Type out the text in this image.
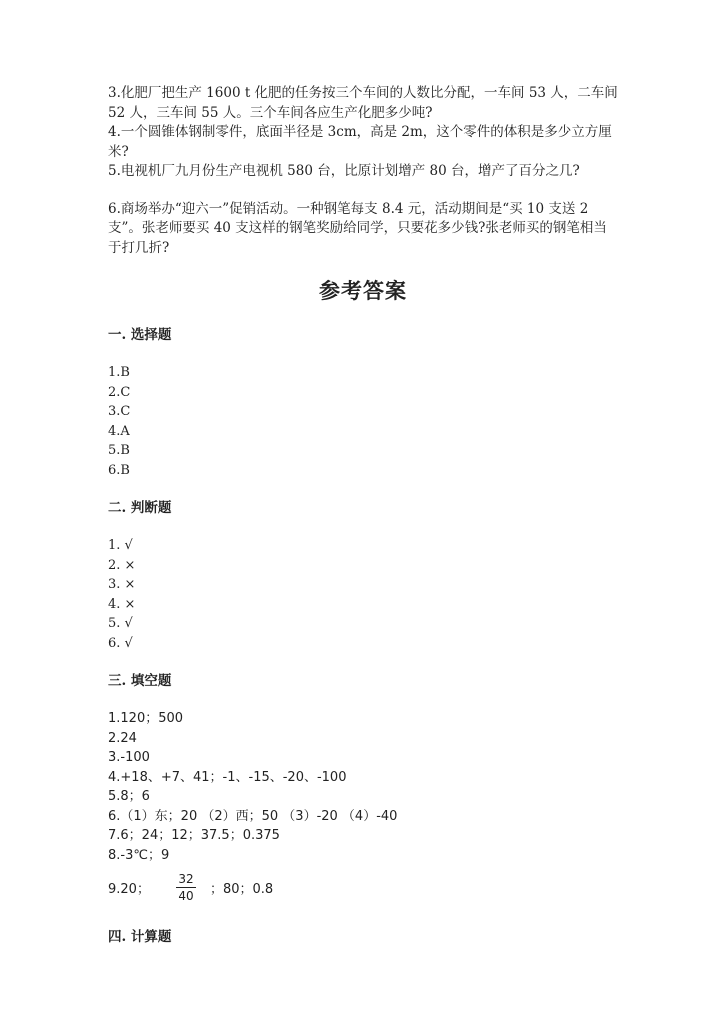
3.化肥厂把生产 1600 t 化肥的任务按三个车间的人数比分配，一车间 53 人，二车间 52 人，三车间 55 人。三个车间各应生产化肥多少吨?

4.一个圆锥体钢制零件，底面半径是 3cm，高是 2m，这个零件的体积是多少立方厘米?

5.电视机厂九月份生产电视机 580 台，比原计划增产 80 台，增产了百分之几?

6.商场举办“迎六一”促销活动。一种钢笔每支 8.4 元，活动期间是“买 10 支送 2 支”。张老师要买 40 支这样的钢笔奖励给同学，只要花多少钱?张老师买的钢笔相当于打几折?

参考答案
一. 选择题
1.B
2.C
3.C
4.A
5.B
6.B
二. 判断题
1. √
2. ×
3. ×
4. ×
5. √
6. √
三. 填空题
1.120；500
2.24
3.-100
4.+18、+7、41；-1、-15、-20、-100
5.8；6
6.（1）东；20 （2）西；50 （3）-20 （4）-40
7.6；24；12；37.5；0.375
8.-3℃；9
9.20； $\frac{32}{40}$ ；80；0.8
四. 计算题
